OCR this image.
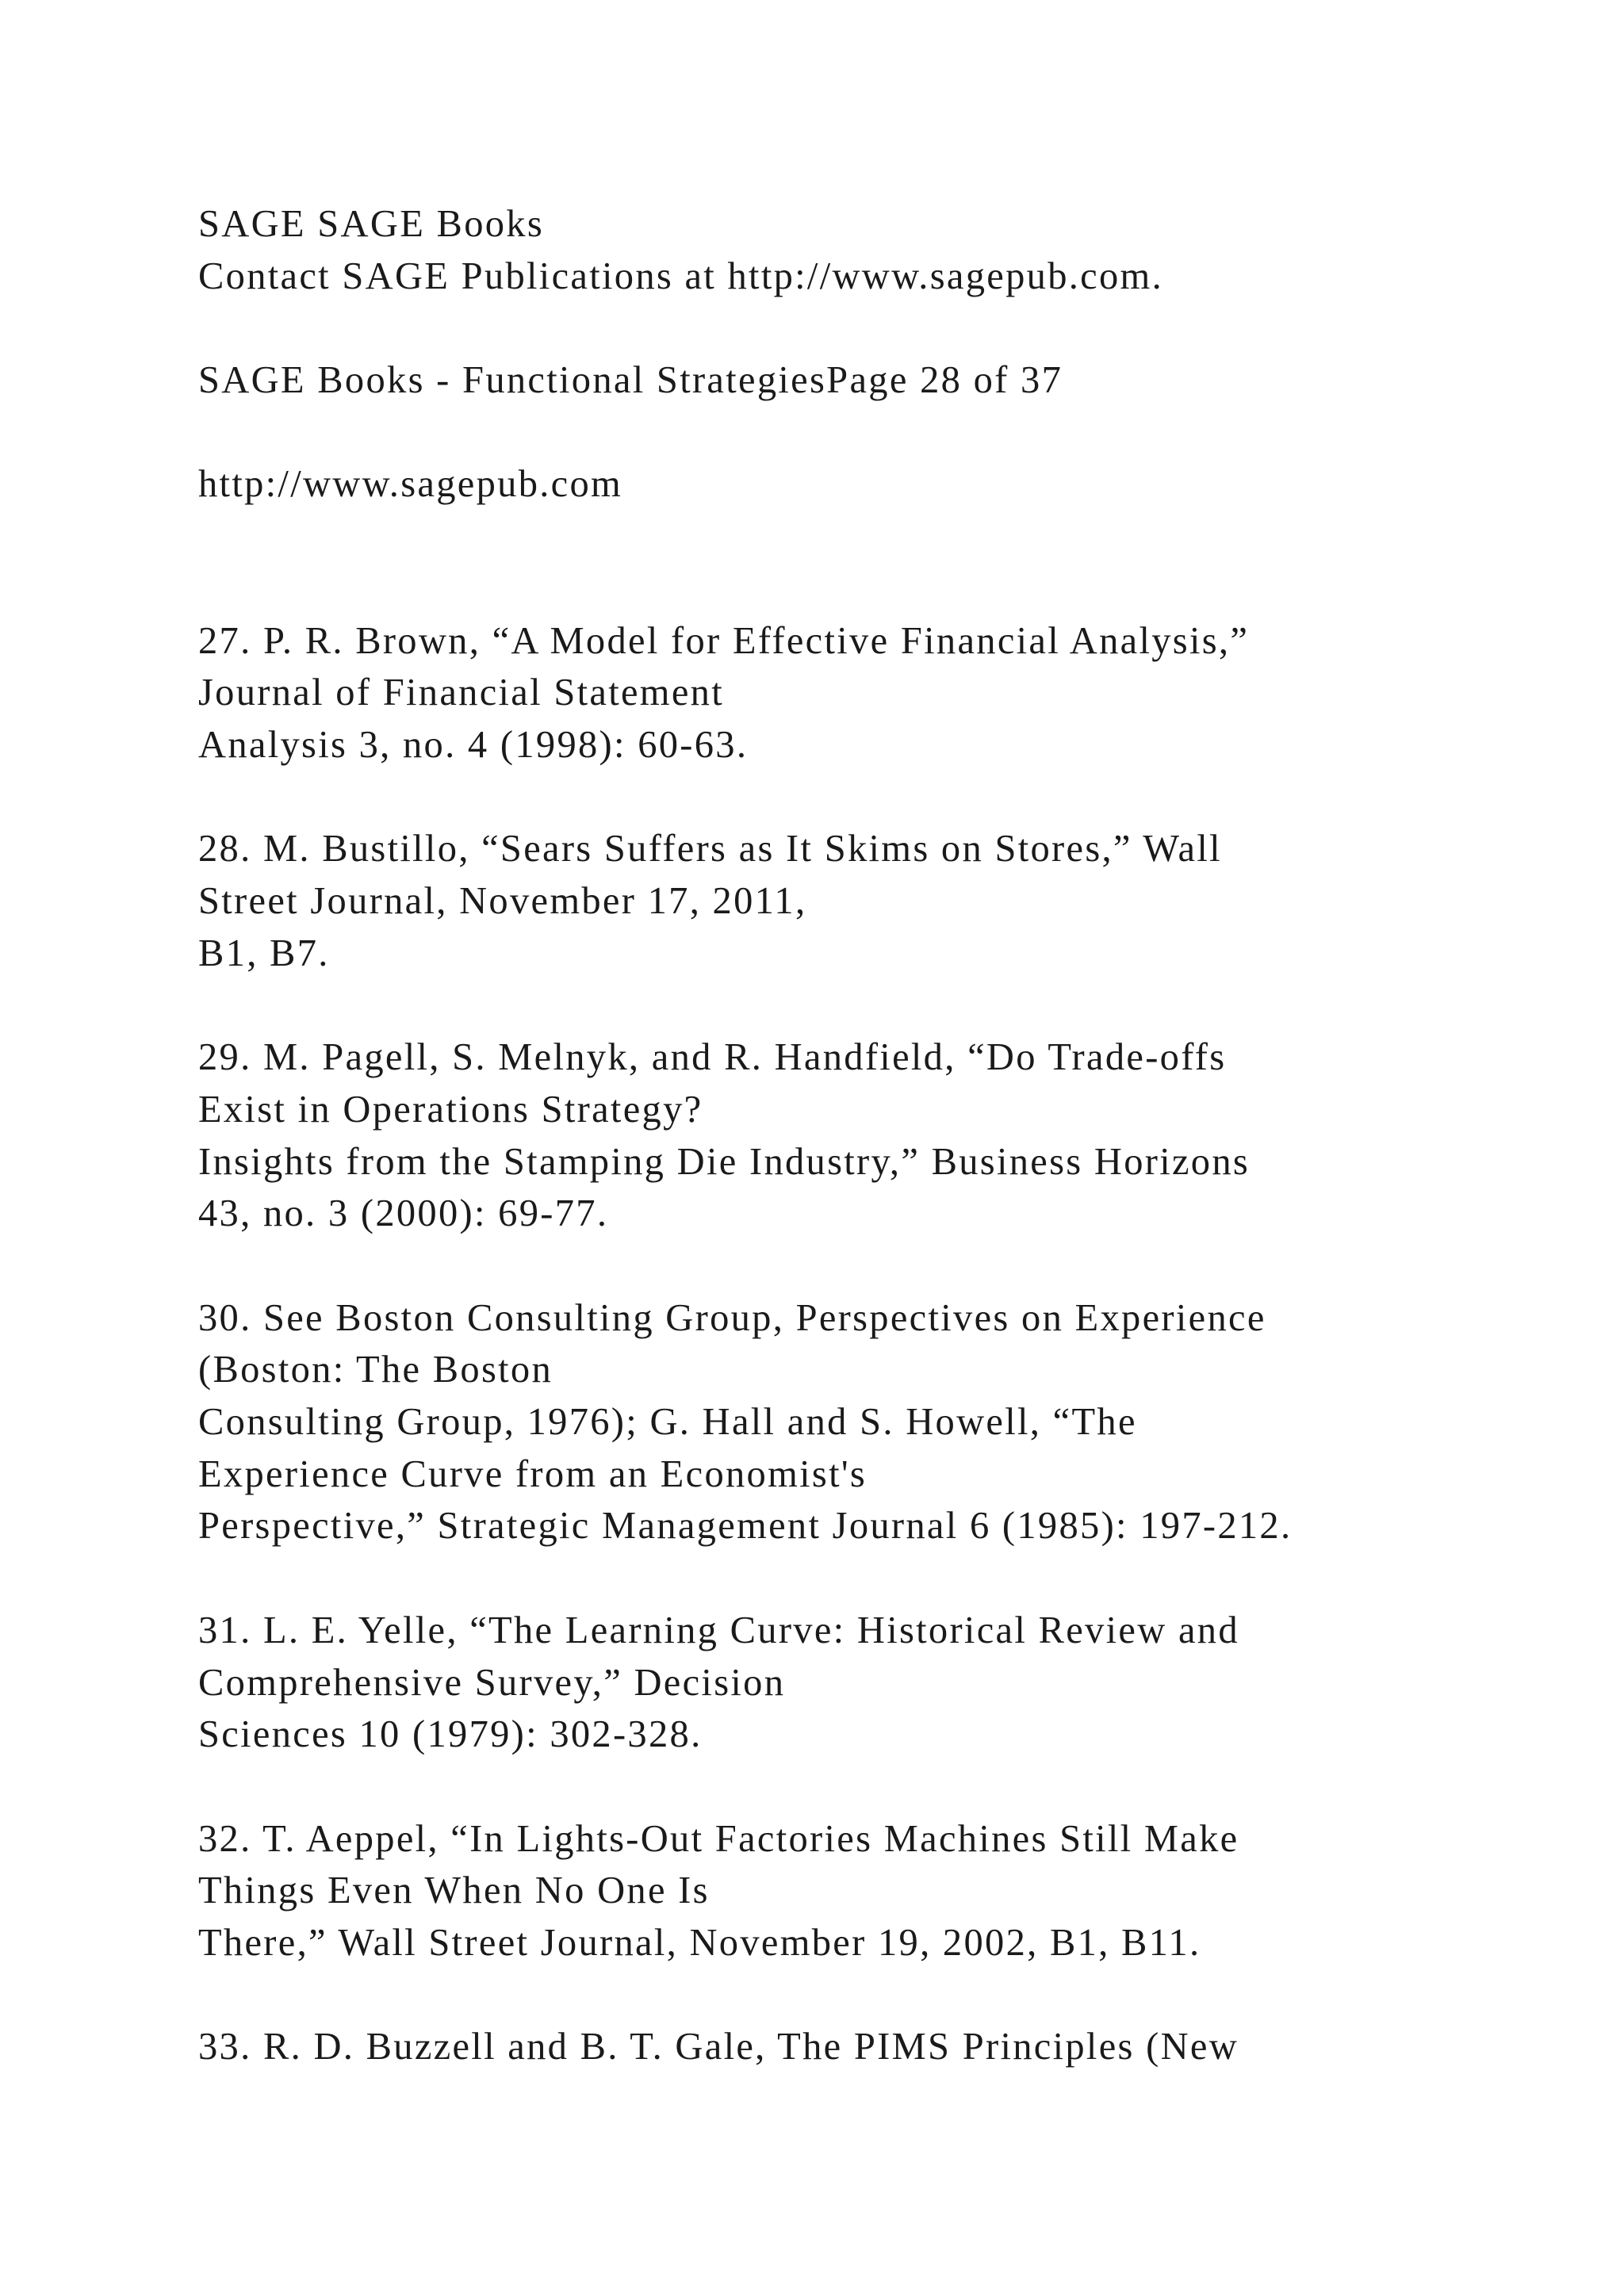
SAGE SAGE Books

Contact SAGE Publications at http://www.sagepub.com.

SAGE Books - Functional StrategiesPage 28 of 37

http://www.sagepub.com

27. P. R. Brown, “A Model for Effective Financial Analysis,”

Journal of Financial Statement

Analysis 3, no. 4 (1998): 60-63.

28. M. Bustillo, “Sears Suffers as It Skims on Stores,” Wall

Street Journal, November 17, 2011,

B1, B7.

29. M. Pagell, S. Melnyk, and R. Handfield, “Do Trade-offs

Exist in Operations Strategy?

Insights from the Stamping Die Industry,” Business Horizons

43, no. 3 (2000): 69-77.

30. See Boston Consulting Group, Perspectives on Experience

(Boston: The Boston

Consulting Group, 1976); G. Hall and S. Howell, “The

Experience Curve from an Economist's

Perspective,” Strategic Management Journal 6 (1985): 197-212.

31. L. E. Yelle, “The Learning Curve: Historical Review and

Comprehensive Survey,” Decision

Sciences 10 (1979): 302-328.

32. T. Aeppel, “In Lights-Out Factories Machines Still Make

Things Even When No One Is

There,” Wall Street Journal, November 19, 2002, B1, B11.

33. R. D. Buzzell and B. T. Gale, The PIMS Principles (New
